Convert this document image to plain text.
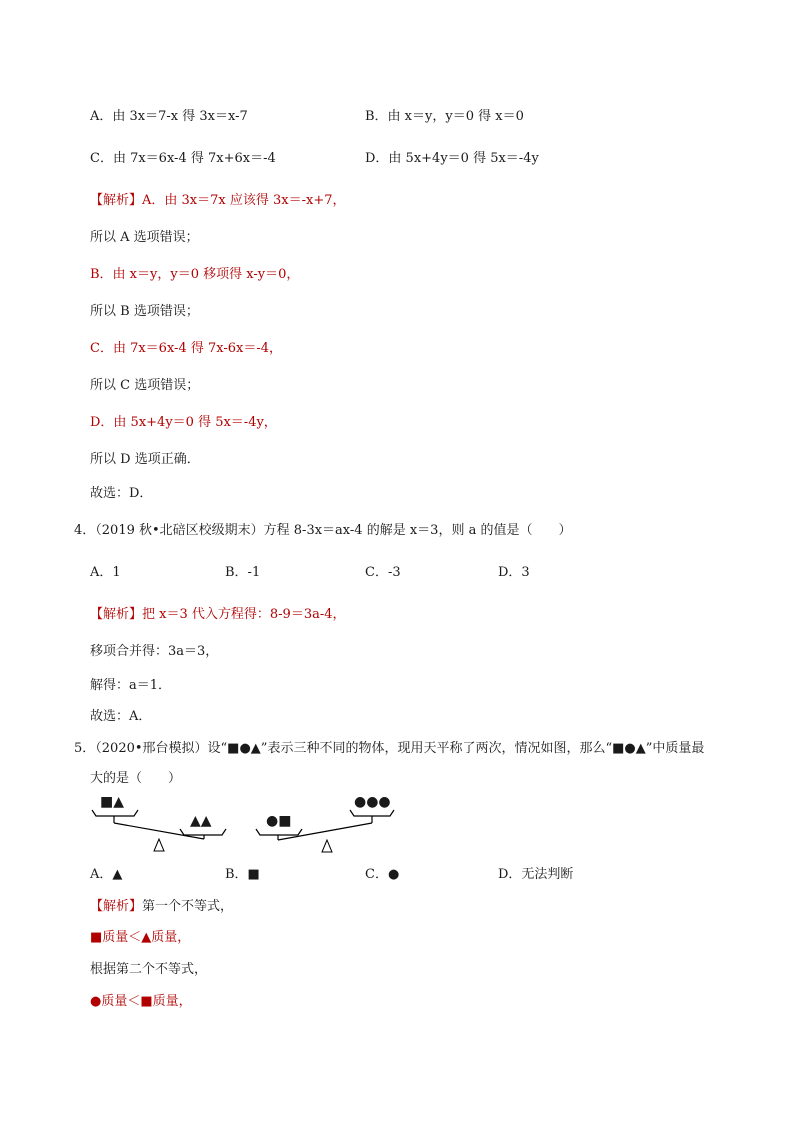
A．由 3x＝7-x 得 3x＝x-7	B．由 x＝y，y＝0 得 x＝0
C．由 7x＝6x-4 得 7x+6x＝-4	D．由 5x+4y＝0 得 5x＝-4y
【解析】A．由 3x＝7x 应该得 3x＝-x+7，
所以 A 选项错误；
B．由 x＝y，y＝0 移项得 x-y＝0，
所以 B 选项错误；
C．由 7x＝6x-4 得 7x-6x＝-4，
所以 C 选项错误；
D．由 5x+4y＝0 得 5x＝-4y，
所以 D 选项正确．
故选：D．
4．（2019 秋•北碚区校级期末）方程 8-3x＝ax-4 的解是 x＝3，则 a 的值是（　　）
A．1	B．-1	C．-3	D．3
【解析】把 x＝3 代入方程得：8-9＝3a-4，
移项合并得：3a＝3，
解得：a＝1．
故选：A．
5．（2020•邢台模拟）设“■●▲”表示三种不同的物体，现用天平称了两次，情况如图，那么“■●▲”中质量最
大的是（　　）
■▲
▲▲	●■
●●●
A．▲	B．■	C．●	D．无法判断
【解析】第一个不等式，
■质量＜▲质量，
根据第二个不等式，
●质量＜■质量，
